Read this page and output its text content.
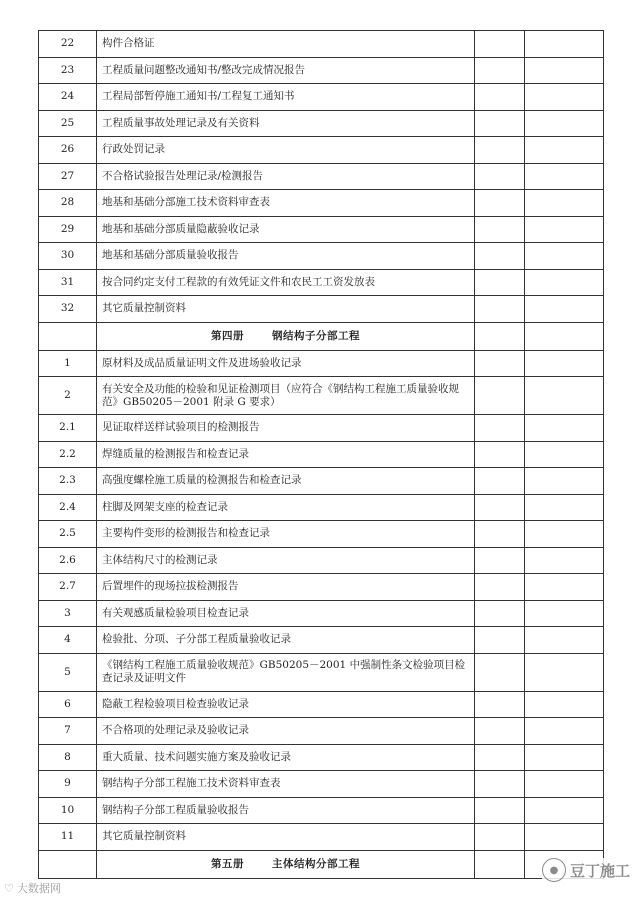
22	构件合格证		
23	工程质量问题整改通知书/整改完成情况报告		
24	工程局部暂停施工通知书/工程复工通知书		
25	工程质量事故处理记录及有关资料		
26	行政处罚记录		
27	不合格试验报告处理记录/检测报告		
28	地基和基础分部施工技术资料审查表		
29	地基和基础分部质量隐蔽验收记录		
30	地基和基础分部质量验收报告		
31	按合同约定支付工程款的有效凭证文件和农民工工资发放表		
32	其它质量控制资料		
	第四册 钢结构子分部工程		
1	原材料及成品质量证明文件及进场验收记录		
2	有关安全及功能的检验和见证检测项目（应符合《钢结构工程施工质量验收规范》GB50205－2001 附录 G 要求）		
2.1	见证取样送样试验项目的检测报告		
2.2	焊缝质量的检测报告和检查记录		
2.3	高强度螺栓施工质量的检测报告和检查记录		
2.4	柱脚及网架支座的检查记录		
2.5	主要构件变形的检测报告和检查记录		
2.6	主体结构尺寸的检测记录		
2.7	后置埋件的现场拉拔检测报告		
3	有关观感质量检验项目检查记录		
4	检验批、分项、子分部工程质量验收记录		
5	《钢结构工程施工质量验收规范》GB50205－2001 中强制性条文检验项目检查记录及证明文件		
6	隐蔽工程检验项目检查验收记录		
7	不合格项的处理记录及验收记录		
8	重大质量、技术问题实施方案及验收记录		
9	钢结构子分部工程施工技术资料审查表		
10	钢结构子分部工程质量验收报告		
11	其它质量控制资料		
	第五册 主体结构分部工程		
♡ 大数据网
● 豆丁施工
